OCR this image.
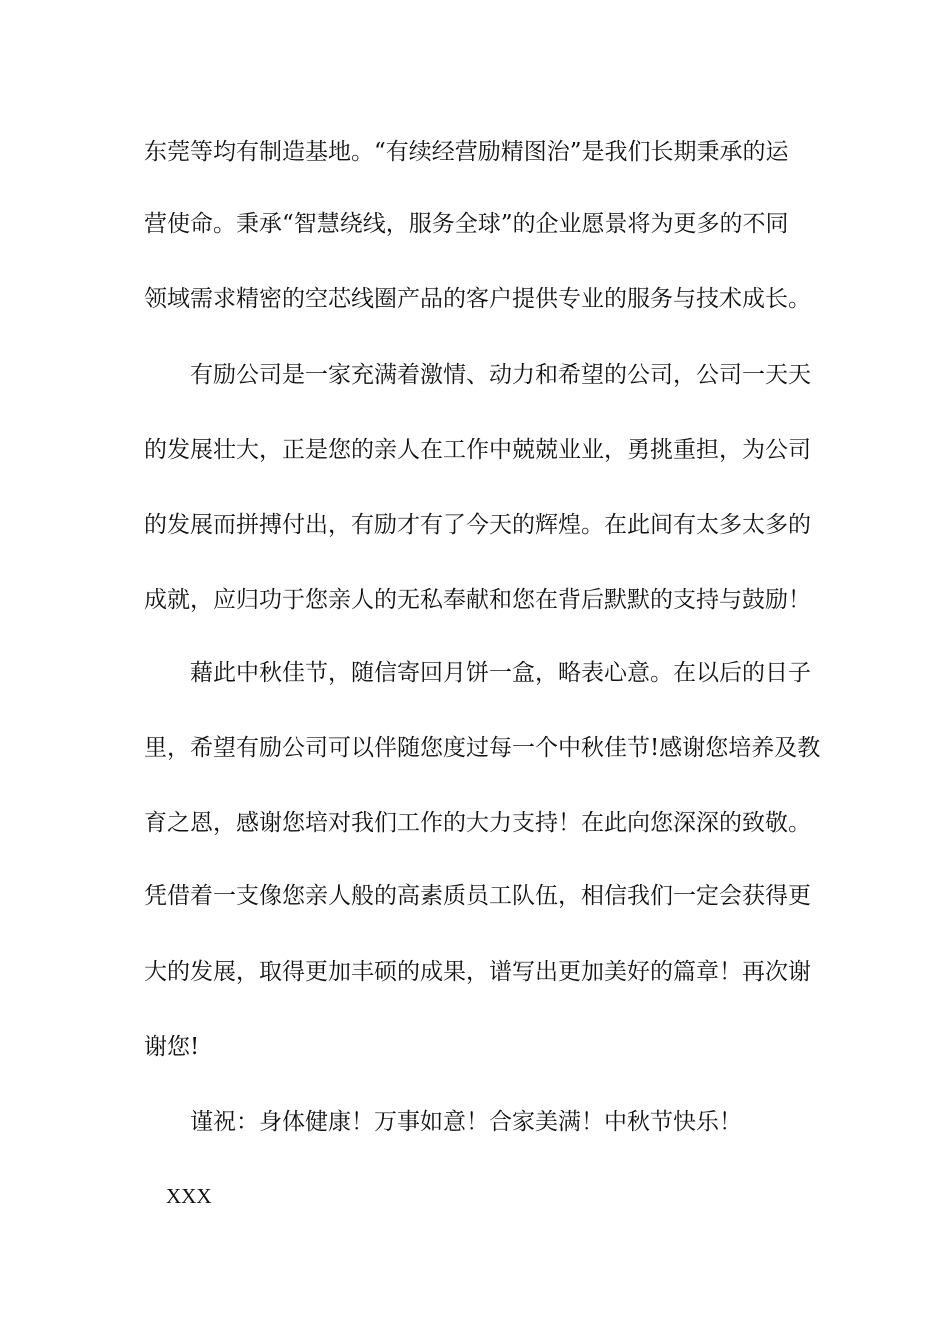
东莞等均有制造基地。“有续经营励精图治”是我们长期秉承的运
营使命。秉承“智慧绕线，服务全球”的企业愿景将为更多的不同
领域需求精密的空芯线圈产品的客户提供专业的服务与技术成长。
有励公司是一家充满着激情、动力和希望的公司，公司一天天
的发展壮大，正是您的亲人在工作中兢兢业业，勇挑重担，为公司
的发展而拼搏付出，有励才有了今天的辉煌。在此间有太多太多的
成就，应归功于您亲人的无私奉献和您在背后默默的支持与鼓励！
藉此中秋佳节，随信寄回月饼一盒，略表心意。在以后的日子
里，希望有励公司可以伴随您度过每一个中秋佳节!感谢您培养及教
育之恩，感谢您培对我们工作的大力支持！在此向您深深的致敬。
凭借着一支像您亲人般的高素质员工队伍，相信我们一定会获得更
大的发展，取得更加丰硕的成果，谱写出更加美好的篇章！再次谢
谢您!
谨祝：身体健康！万事如意！合家美满！中秋节快乐！
XXX
